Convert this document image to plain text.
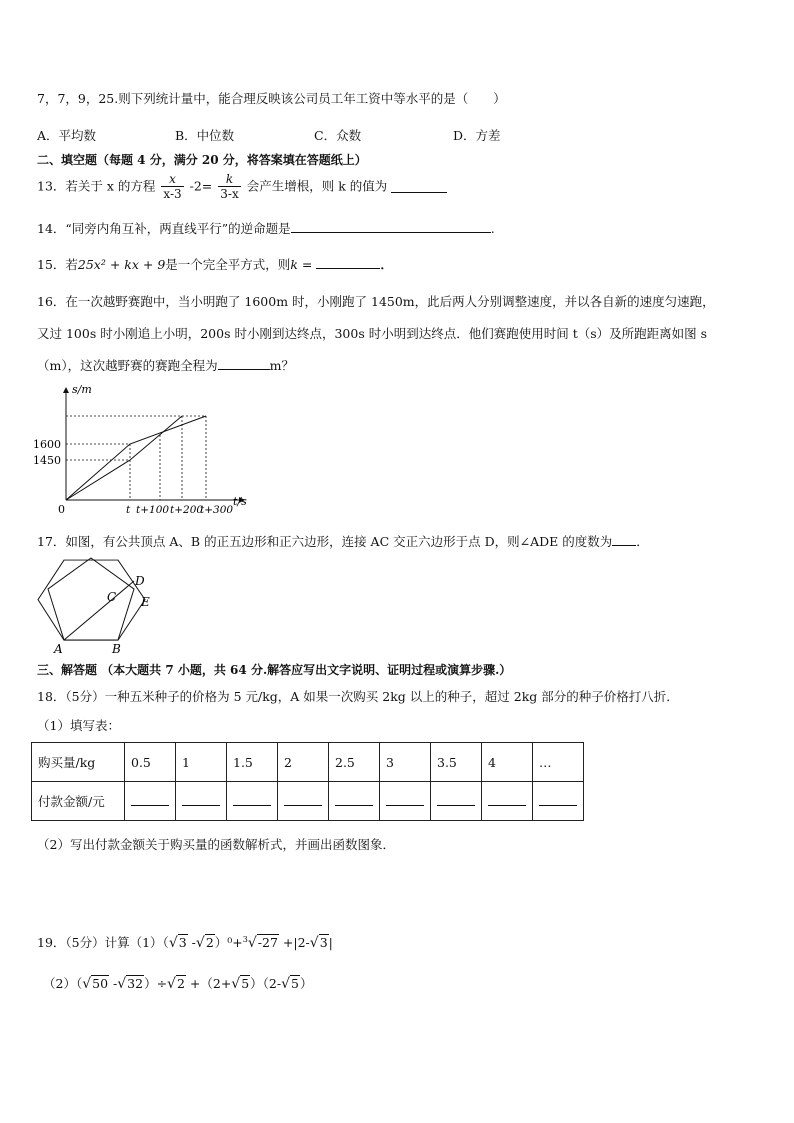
7，7，9，25.则下列统计量中，能合理反映该公司员工年工资中等水平的是（　　）
A．平均数	B．中位数	C．众数	D．方差
二、填空题（每题 4 分，满分 20 分，将答案填在答题纸上）
13．若关于 x 的方程 $\frac{x}{x-3} -2= \frac{k}{3-x}$ 会产生增根，则 k 的值为
14．“同旁内角互补，两直线平行”的逆命题是	.
15．若25x² + kx + 9是一个完全平方式，则k =	．
16．在一次越野赛跑中，当小明跑了 1600m 时，小刚跑了 1450m，此后两人分别调整速度，并以各自新的速度匀速跑，
又过 100s 时小刚追上小明，200s 时小刚到达终点，300s 时小明到达终点．他们赛跑使用时间 t（s）及所跑距离如图 s
（m），这次越野赛的赛跑全程为	m？
s/m
1600
1450
0	t t+100 t+200
t+300
t/s
17．如图，有公共顶点 A、B 的正五边形和正六边形，连接 AC 交正六边形于点 D，则∠ADE 的度数为 ．
A	B
C
D
E
三、解答题 （本大题共 7 小题，共 64 分.解答应写出文字说明、证明过程或演算步骤.）
18．（5分）一种五米种子的价格为 5 元/kg，A 如果一次购买 2kg 以上的种子，超过 2kg 部分的种子价格打八折．
（1）填写表：
购买量/kg	0.5	1	1.5	2	2.5	3	3.5	4	…
付款金额/元									
（2）写出付款金额关于购买量的函数解析式，并画出函数图象．
19．（5分）计算（1）（√3 -√2）⁰+$^3$√-27 +|2-√3|
（2）（√50 -√32）÷√2 +（2+√5）（2-√5）
